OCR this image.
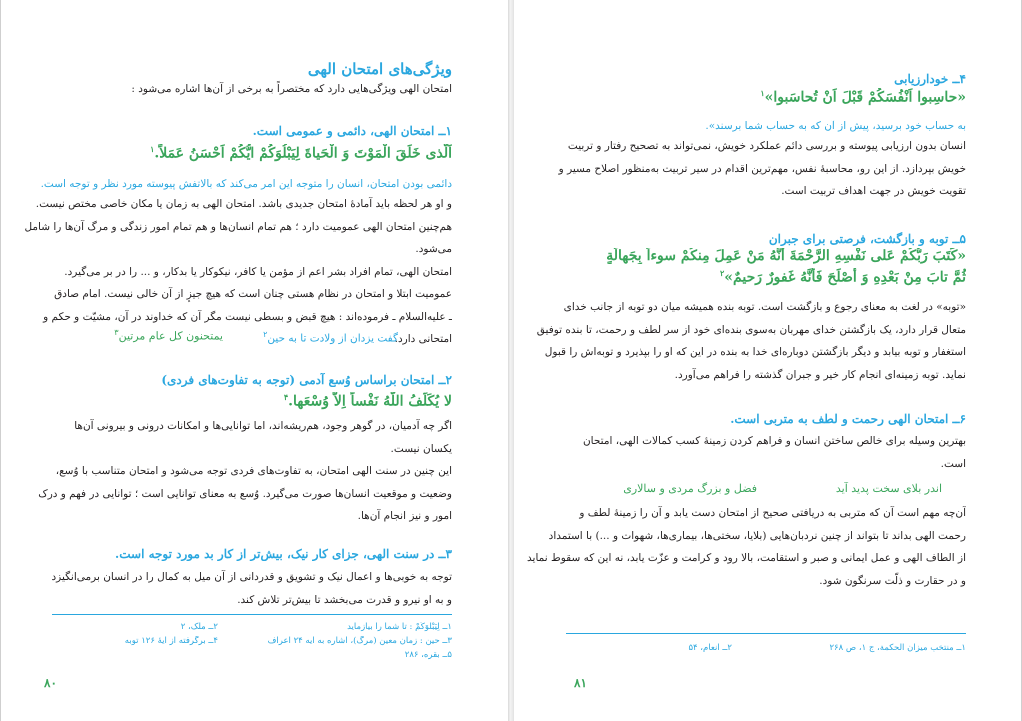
ویژگی‌های امتحان الهی
امتحان الهی ویژگی‌هایی دارد که مختصراً به برخی از آن‌ها اشاره می‌شود :
۱ــ امتحان الهی، دائمی و عمومی است.
اَلَّذی خَلَقَ الْمَوْتَ وَ الْحَیاةَ لِیَبْلُوَکُمْ ایُّکُمْ اَحْسَنُ عَمَلاً.$^۱$
دائمی بودن امتحان، انسان را متوجه این امر می‌کند که بالاتفش پیوسته مورد نظر و توجه است.
و او هر لحظه باید آمادهٔ امتحان جدیدی باشد. امتحان الهی به زمان یا مکان خاصی مختص نیست.
هم‌چنین امتحان الهی عمومیت دارد ؛ هم تمام انسان‌ها و هم تمام امور زندگی و مرگ آن‌ها را شامل می‌شود.
امتحان الهی، تمام افراد بشر اعم از مؤمن یا کافر، نیکوکار یا بدکار، و ... را در بر می‌گیرد.
عمومیت ابتلا و امتحان در نظام هستی چنان است که هیچ جیزٕ از آن خالی نیست. امام صادق
ـ علیه‌السلام ـ فرموده‌اند : هیچ قبض و بسطی نیست مگر آن که خداوند در آن، مشیّت و حکم و
امتحانی دارد.
گفت یزدان از ولادت تا به حین$^۲$
یمتحنون کل عام مرتین$^۳$
۲ــ امتحان براساس وُسع آدمی (توجه به تفاوت‌های فردی)
لا یُکَلِّفُ اللّهُ نَفْساً اِلاّ وُسْعَها.$^۴$
اگر چه آدمیان، در گوهر وجود، هم‌ریشه‌اند، اما توانایی‌ها و امکانات درونی و بیرونی آن‌ها
یکسان نیست.
این چنین در سنت الهی امتحان، به تفاوت‌های فردی توجه می‌شود و امتحان متناسب با وُسع،
وضعیت و موقعیت انسان‌ها صورت می‌گیرد. وُسع به معنای توانایی است ؛ توانایی در فهم و درک
امور و نیز انجام آن‌ها.
۳ــ در سنت الهی، جزای کار نیک، بیش‌تر از کار بد مورد توجه است.
توجه به خوبی‌ها و اعمال نیک و تشویق و قدردانی از آن میل به کمال را در انسان برمی‌انگیزد
و به او نیرو و قدرت می‌بخشد تا بیش‌تر تلاش کند.
۱ــ لِیَبْلُوَکُمْ : تا شما را بیازماید
۲ــ ملک، ۲
۳ــ حین : زمان معین (مرگ)، اشاره به آیه ۲۴ اعراف
۴ــ برگرفته از آیهٔ ۱۲۶ توبه
۵ــ بقره، ۲۸۶
۸۰
۴ــ خودارزیابی
«حاسِبوا اَنْفُسَکُمْ قَبْلَ اَنْ تُحاسَبوا»$^۱$
به حساب خود برسید، پیش از آن که به حساب شما برسند».
انسان بدون ارزیابی پیوسته و بررسی دائم عملکرد خویش، نمی‌تواند به تصحیح رفتار و تربیت
خویش بپردازد. از این رو، محاسبهٔ نفس، مهم‌ترین اقدام در سیر تربیت به‌منظور اصلاح مسیر و
تقویت خویش در جهت اهداف تربیت است.
۵ــ توبه و بازگشت، فرصتی برای جبران
«کَتَبَ رَبُّکُمْ عَلی نَفْسِهِ الرَّحْمَةَ أَنَّهُ مَنْ عَمِلَ مِنکُمْ سوءاً بِجَهالَةٍ
ثُمَّ تابَ مِنْ بَعْدِهِ وَ أَصْلَحَ فَأَنَّهُ غَفورٌ رَحیمٌ»$^۲$
«توبه» در لغت به معنای رجوع و بازگشت است. توبه بنده همیشه میان دو توبه از جانب خدای
متعال قرار دارد، یک بازگشتن خدای مهربان به‌سوی بنده‌ای خود از سر لطف و رحمت، تا بنده توفیق
استغفار و توبه بیابد و دیگر بازگشتن دوباره‌ای خدا به بنده در این که او را بپذیرد و توبه‌اش را قبول
نماید. توبه زمینه‌ای انجام کار خیر و جبران گذشته را فراهم می‌آورد.
۶ــ امتحان الهی رحمت و لطف به متربی است.
بهترین وسیله برای خالص ساختن انسان و فراهم کردن زمینهٔ کسب کمالات الهی، امتحان
است.
اندر بلای سخت پدید آید
فضل و بزرگ مردی و سالاری
آن‌چه مهم است آن که متربی به دریافتی صحیح از امتحان دست یابد و آن را زمینهٔ لطف و
رحمت الهی بداند تا بتواند از چنین نردبان‌هایی (بلایا، سختی‌ها، بیماری‌ها، شهوات و ...) با استمداد
از الطاف الهی و عمل ایمانی و صبر و استقامت، بالا رود و کرامت و عزّت یابد، نه این که سقوط نماید
و در حقارت و ذلّت سرنگون شود.
۱ــ منتخب میزان الحکمة، ج ۱، ص ۲۶۸
۲ــ انعام، ۵۴
۸۱
